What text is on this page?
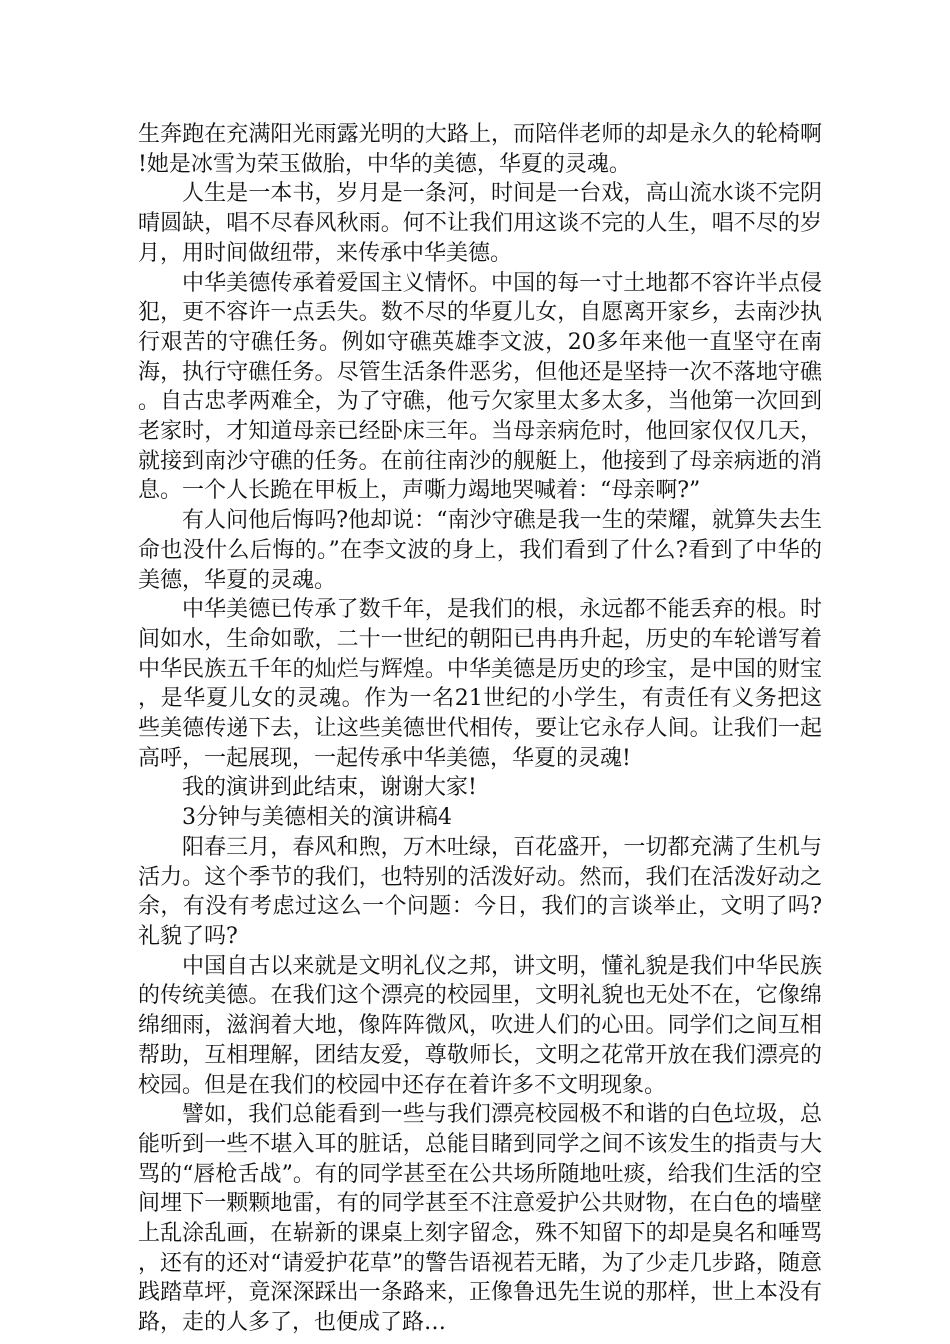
生奔跑在充满阳光雨露光明的大路上，而陪伴老师的却是永久的轮椅啊!她是冰雪为荣玉做胎，中华的美德，华夏的灵魂。

人生是一本书，岁月是一条河，时间是一台戏，高山流水谈不完阴晴圆缺，唱不尽春风秋雨。何不让我们用这谈不完的人生，唱不尽的岁月，用时间做纽带，来传承中华美德。

中华美德传承着爱国主义情怀。中国的每一寸土地都不容许半点侵犯，更不容许一点丢失。数不尽的华夏儿女，自愿离开家乡，去南沙执行艰苦的守礁任务。例如守礁英雄李文波，20多年来他一直坚守在南海，执行守礁任务。尽管生活条件恶劣，但他还是坚持一次不落地守礁。自古忠孝两难全，为了守礁，他亏欠家里太多太多，当他第一次回到老家时，才知道母亲已经卧床三年。当母亲病危时，他回家仅仅几天，就接到南沙守礁的任务。在前往南沙的舰艇上，他接到了母亲病逝的消息。一个人长跪在甲板上，声嘶力竭地哭喊着：“母亲啊?”

有人问他后悔吗?他却说：“南沙守礁是我一生的荣耀，就算失去生命也没什么后悔的。”在李文波的身上，我们看到了什么?看到了中华的美德，华夏的灵魂。

中华美德已传承了数千年，是我们的根，永远都不能丢弃的根。时间如水，生命如歌，二十一世纪的朝阳已冉冉升起，历史的车轮谱写着中华民族五千年的灿烂与辉煌。中华美德是历史的珍宝，是中国的财宝，是华夏儿女的灵魂。作为一名21世纪的小学生，有责任有义务把这些美德传递下去，让这些美德世代相传，要让它永存人间。让我们一起高呼，一起展现，一起传承中华美德，华夏的灵魂!

我的演讲到此结束，谢谢大家!

3分钟与美德相关的演讲稿4

阳春三月，春风和煦，万木吐绿，百花盛开，一切都充满了生机与活力。这个季节的我们，也特别的活泼好动。然而，我们在活泼好动之余，有没有考虑过这么一个问题：今日，我们的言谈举止，文明了吗?礼貌了吗?

中国自古以来就是文明礼仪之邦，讲文明，懂礼貌是我们中华民族的传统美德。在我们这个漂亮的校园里，文明礼貌也无处不在，它像绵绵细雨，滋润着大地，像阵阵微风，吹进人们的心田。同学们之间互相帮助，互相理解，团结友爱，尊敬师长，文明之花常开放在我们漂亮的校园。但是在我们的校园中还存在着许多不文明现象。

譬如，我们总能看到一些与我们漂亮校园极不和谐的白色垃圾，总能听到一些不堪入耳的脏话，总能目睹到同学之间不该发生的指责与大骂的“唇枪舌战”。有的同学甚至在公共场所随地吐痰，给我们生活的空间埋下一颗颗地雷，有的同学甚至不注意爱护公共财物，在白色的墙壁上乱涂乱画，在崭新的课桌上刻字留念，殊不知留下的却是臭名和唾骂，还有的还对“请爱护花草”的警告语视若无睹，为了少走几步路，随意践踏草坪，竟深深踩出一条路来，正像鲁迅先生说的那样，世上本没有路，走的人多了，也便成了路…
